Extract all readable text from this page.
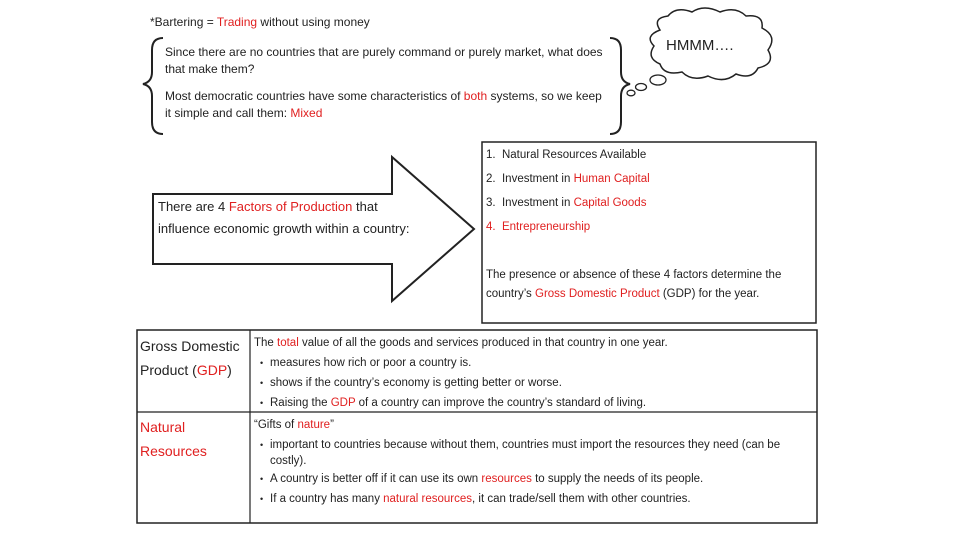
*Bartering = Trading without using money
Since there are no countries that are purely command or purely market, what does that make them?
Most democratic countries have some characteristics of both systems, so we keep it simple and call them: Mixed
HMMM….
There are 4 Factors of Production that influence economic growth within a country:
1.  Natural Resources Available
2.  Investment in Human Capital
3.  Investment in Capital Goods
4.  Entrepreneurship
The presence or absence of these 4 factors determine the country’s Gross Domestic Product (GDP) for the year.
Gross Domestic Product (GDP)
The total value of all the goods and services produced in that country in one year.
• measures how rich or poor a country is.
• shows if the country’s economy is getting better or worse.
• Raising the GDP of a country can improve the country’s standard of living.
Natural
Resources
“Gifts of nature”
• important to countries because without them, countries must import the resources they need (can be costly).
• A country is better off if it can use its own resources to supply the needs of its people.
• If a country has many natural resources, it can trade/sell them with other countries.
